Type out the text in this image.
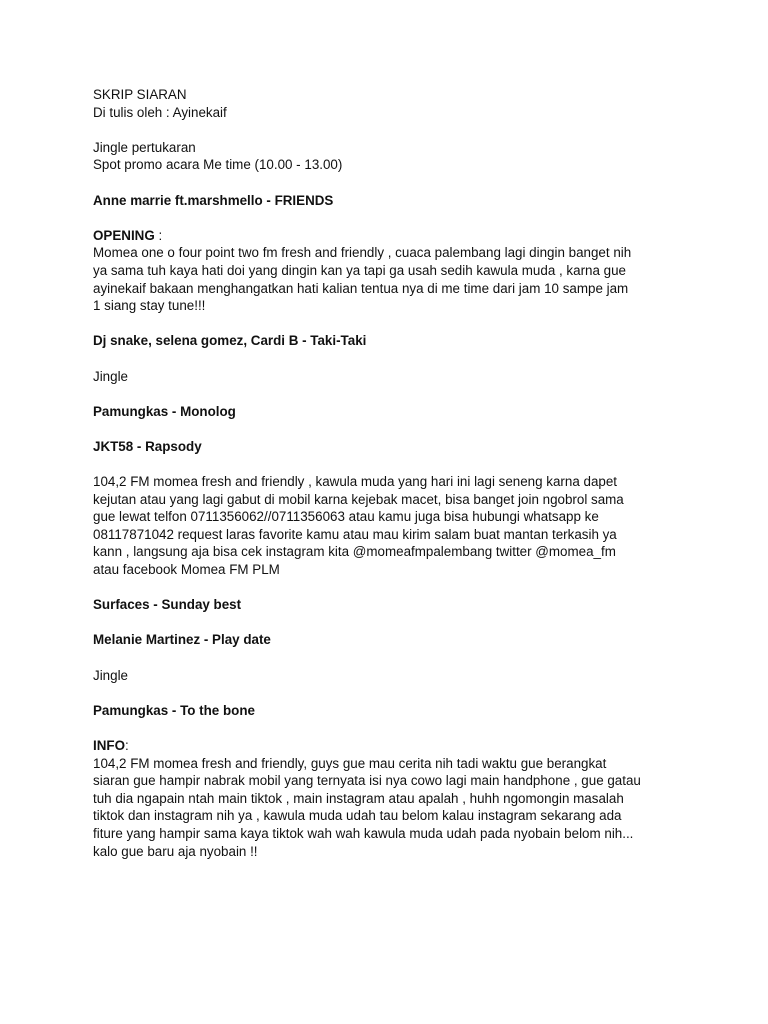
SKRIP SIARAN
Di tulis oleh : Ayinekaif
Jingle pertukaran
Spot promo acara Me time (10.00 - 13.00)
Anne marrie ft.marshmello - FRIENDS
OPENING :
Momea one o four point two fm fresh and friendly , cuaca palembang lagi dingin banget nih
ya sama tuh kaya hati doi yang dingin kan ya tapi ga usah sedih kawula muda , karna gue
ayinekaif bakaan menghangatkan hati kalian tentua nya di me time dari jam 10 sampe jam
1 siang stay tune!!!
Dj snake, selena gomez, Cardi B - Taki-Taki
Jingle
Pamungkas - Monolog
JKT58 - Rapsody
104,2 FM momea fresh and friendly , kawula muda yang hari ini lagi seneng karna dapet
kejutan atau yang lagi gabut di mobil karna kejebak macet, bisa banget join ngobrol sama
gue lewat telfon 0711356062//0711356063 atau kamu juga bisa hubungi whatsapp ke
08117871042 request laras favorite kamu atau mau kirim salam buat mantan terkasih ya
kann , langsung aja bisa cek instagram kita @momeafmpalembang twitter @momea_fm
atau facebook Momea FM PLM
Surfaces - Sunday best
Melanie Martinez - Play date
Jingle
Pamungkas - To the bone
INFO:
104,2 FM momea fresh and friendly, guys gue mau cerita nih tadi waktu gue berangkat
siaran gue hampir nabrak mobil yang ternyata isi nya cowo lagi main handphone , gue gatau
tuh dia ngapain ntah main tiktok , main instagram atau apalah , huhh ngomongin masalah
tiktok dan instagram nih ya , kawula muda udah tau belom kalau instagram sekarang ada
fiture yang hampir sama kaya tiktok wah wah kawula muda udah pada nyobain belom nih...
kalo gue baru aja nyobain !!
